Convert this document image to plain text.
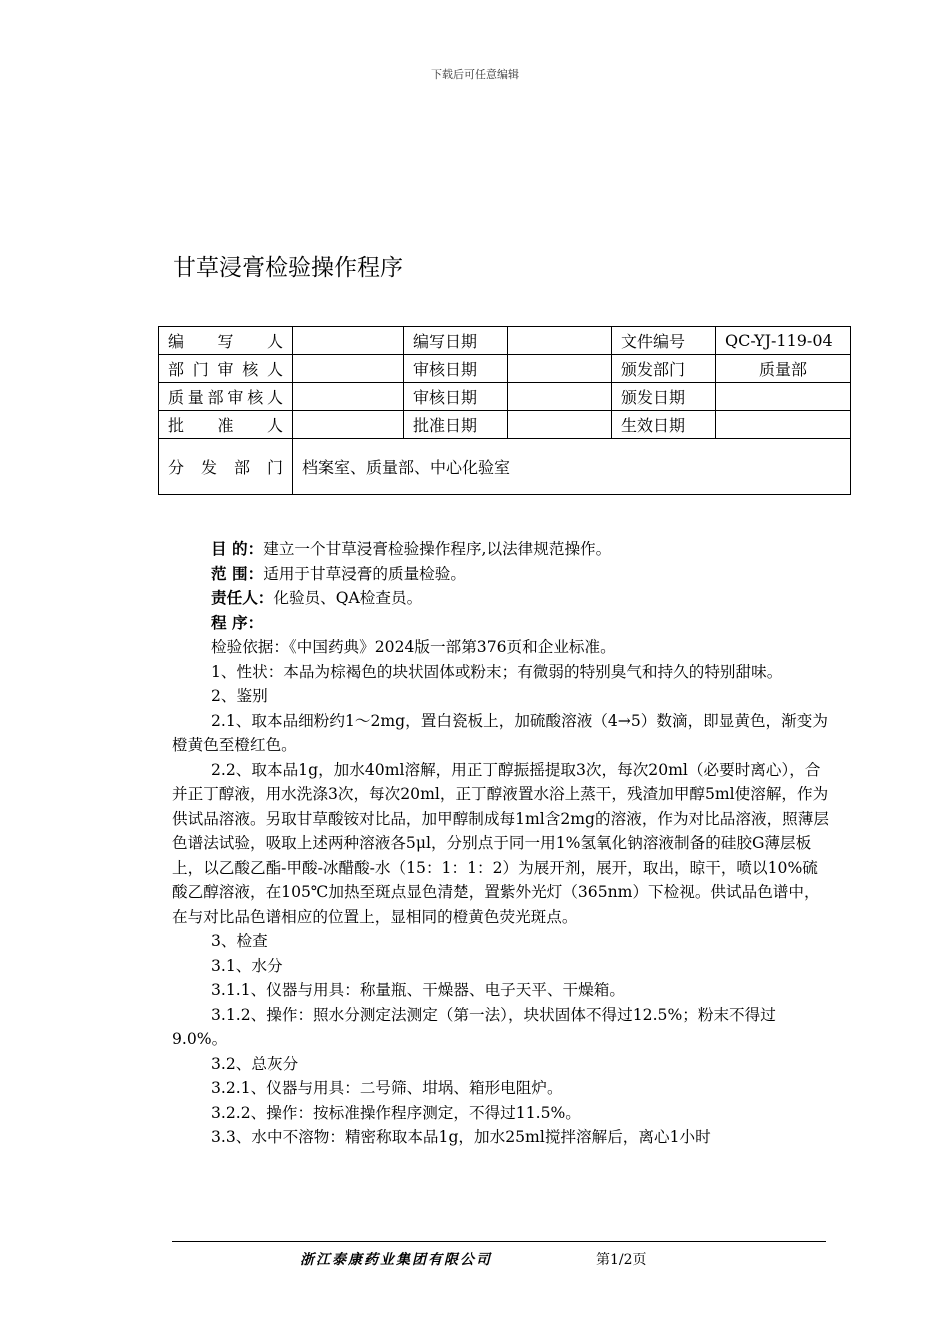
下载后可任意编辑
甘草浸膏检验操作程序
编写人		编写日期		文件编号	QC-YJ-119-04
部门审核人		审核日期		颁发部门	质量部
质量部审核人		审核日期		颁发日期	
批准人		批准日期		生效日期	
分发部门	档案室、质量部、中心化验室				

目 的：建立一个甘草浸膏检验操作程序,以法律规范操作。

范 围：适用于甘草浸膏的质量检验。

责任人：化验员、QA检查员。

程 序：

检验依据：《中国药典》2024版一部第376页和企业标准。

1、性状：本品为棕褐色的块状固体或粉末；有微弱的特别臭气和持久的特别甜味。

2、鉴别

2.1、取本品细粉约1～2mg，置白瓷板上，加硫酸溶液（4→5）数滴，即显黄色，渐变为橙黄色至橙红色。

2.2、取本品1g，加水40ml溶解，用正丁醇振摇提取3次，每次20ml（必要时离心），合并正丁醇液，用水洗涤3次，每次20ml，正丁醇液置水浴上蒸干，残渣加甲醇5ml使溶解，作为供试品溶液。另取甘草酸铵对比品，加甲醇制成每1ml含2mg的溶液，作为对比品溶液，照薄层色谱法试验，吸取上述两种溶液各5μl，分别点于同一用1%氢氧化钠溶液制备的硅胶G薄层板上，以乙酸乙酯-甲酸-冰醋酸-水（15：1：1：2）为展开剂，展开，取出，晾干，喷以10%硫酸乙醇溶液，在105℃加热至斑点显色清楚，置紫外光灯（365nm）下检视。供试品色谱中，在与对比品色谱相应的位置上，显相同的橙黄色荧光斑点。

3、检查

3.1、水分

3.1.1、仪器与用具：称量瓶、干燥器、电子天平、干燥箱。

3.1.2、操作：照水分测定法测定（第一法），块状固体不得过12.5%；粉末不得过9.0%。

3.2、总灰分

3.2.1、仪器与用具：二号筛、坩埚、箱形电阻炉。

3.2.2、操作：按标准操作程序测定，不得过11.5%。

3.3、水中不溶物：精密称取本品1g，加水25ml搅拌溶解后，离心1小时

浙江泰康药业集团有限公司	第1/2页
